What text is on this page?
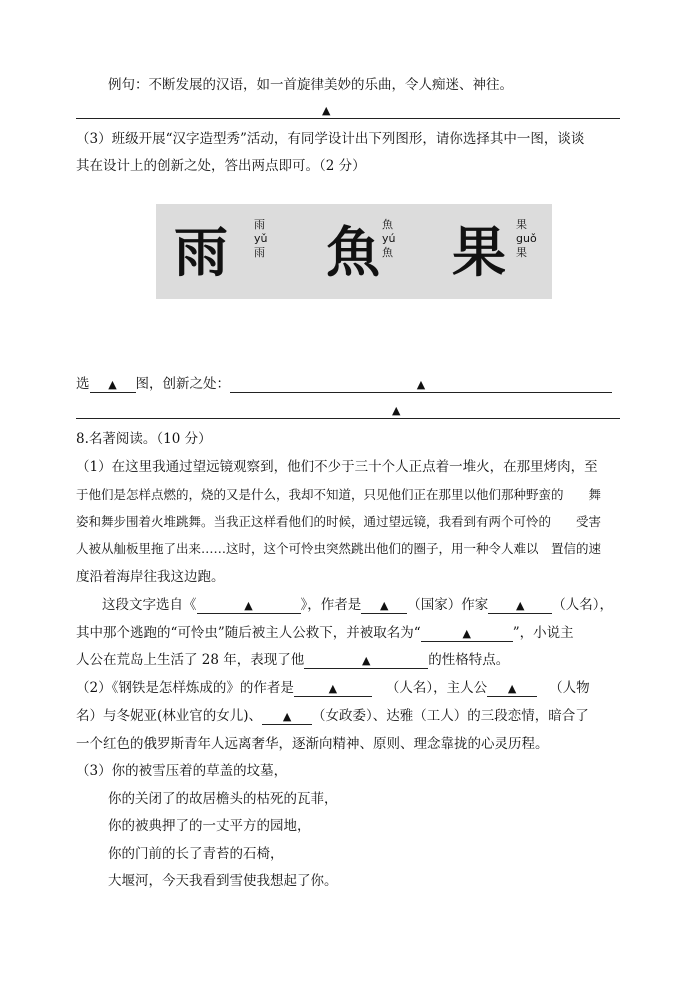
例句：不断发展的汉语，如一首旋律美妙的乐曲，令人痴迷、神往。
▲
（3）班级开展“汉字造型秀”活动，有同学设计出下列图形，请你选择其中一图，谈谈
其在设计上的创新之处，答出两点即可。（2 分）
雨 雨
yǔ
雨 魚 魚
yú
魚 果 果
guǒ
果
选 ▲ 图，创新之处：	▲
▲
8.名著阅读。（10 分）
（1）在这里我通过望远镜观察到，他们不少于三十个人正点着一堆火，在那里烤肉，至
于他们是怎样点燃的，烧的又是什么，我却不知道，只见他们正在那里以他们那种野蛮的　　舞
姿和舞步围着火堆跳舞。当我正这样看他们的时候，通过望远镜，我看到有两个可怜的　　受害
人被从舢板里拖了出来……这时，这个可怜虫突然跳出他们的圈子，用一种令人难以　置信的速
度沿着海岸往我这边跑。
这段文字选自《	▲	》，作者是 ▲ （国家）作家	▲ （人名），
其中那个逃跑的“可怜虫”随后被主人公救下，并被取名为“	▲	”，小说主
人公在荒岛上生活了 28 年，表现了他	▲	的性格特点。
（2）《钢铁是怎样炼成的》的作者是	▲	（人名），主人公 ▲ （人物
名）与冬妮亚(林业官的女儿)、 ▲ （女政委）、达雅（工人）的三段恋情，暗合了
一个红色的俄罗斯青年人远离奢华，逐渐向精神、原则、理念靠拢的心灵历程。
（3）你的被雪压着的草盖的坟墓，
你的关闭了的故居檐头的枯死的瓦菲，
你的被典押了的一丈平方的园地，
你的门前的长了青苔的石椅，
大堰河，今天我看到雪使我想起了你。
